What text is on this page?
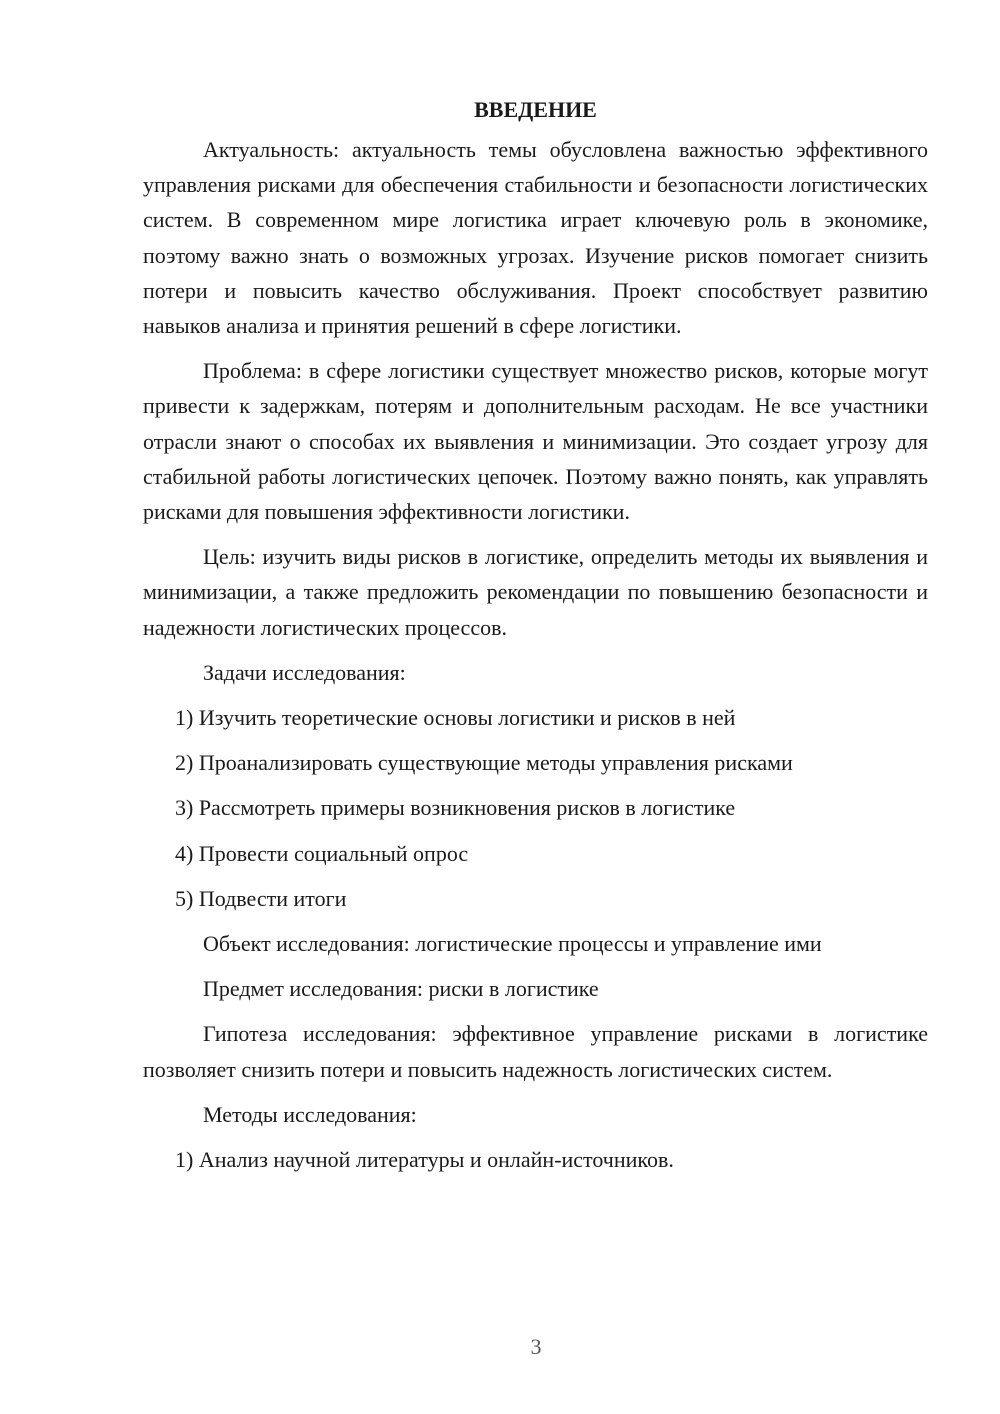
ВВЕДЕНИЕ

Актуальность: актуальность темы обусловлена важностью эффективного управления рисками для обеспечения стабильности и безопасности логистических систем. В современном мире логистика играет ключевую роль в экономике, поэтому важно знать о возможных угрозах. Изучение рисков помогает снизить потери и повысить качество обслуживания. Проект способствует развитию навыков анализа и принятия решений в сфере логистики.

Проблема: в сфере логистики существует множество рисков, которые могут привести к задержкам, потерям и дополнительным расходам. Не все участники отрасли знают о способах их выявления и минимизации. Это создает угрозу для стабильной работы логистических цепочек. Поэтому важно понять, как управлять рисками для повышения эффективности логистики.

Цель: изучить виды рисков в логистике, определить методы их выявления и минимизации, а также предложить рекомендации по повышению безопасности и надежности логистических процессов.

Задачи исследования:

1) Изучить теоретические основы логистики и рисков в ней
2) Проанализировать существующие методы управления рисками
3) Рассмотреть примеры возникновения рисков в логистике
4) Провести социальный опрос
5) Подвести итоги

Объект исследования: логистические процессы и управление ими

Предмет исследования: риски в логистике

Гипотеза исследования: эффективное управление рисками в логистике позволяет снизить потери и повысить надежность логистических систем.

Методы исследования:

1) Анализ научной литературы и онлайн-источников.
3
